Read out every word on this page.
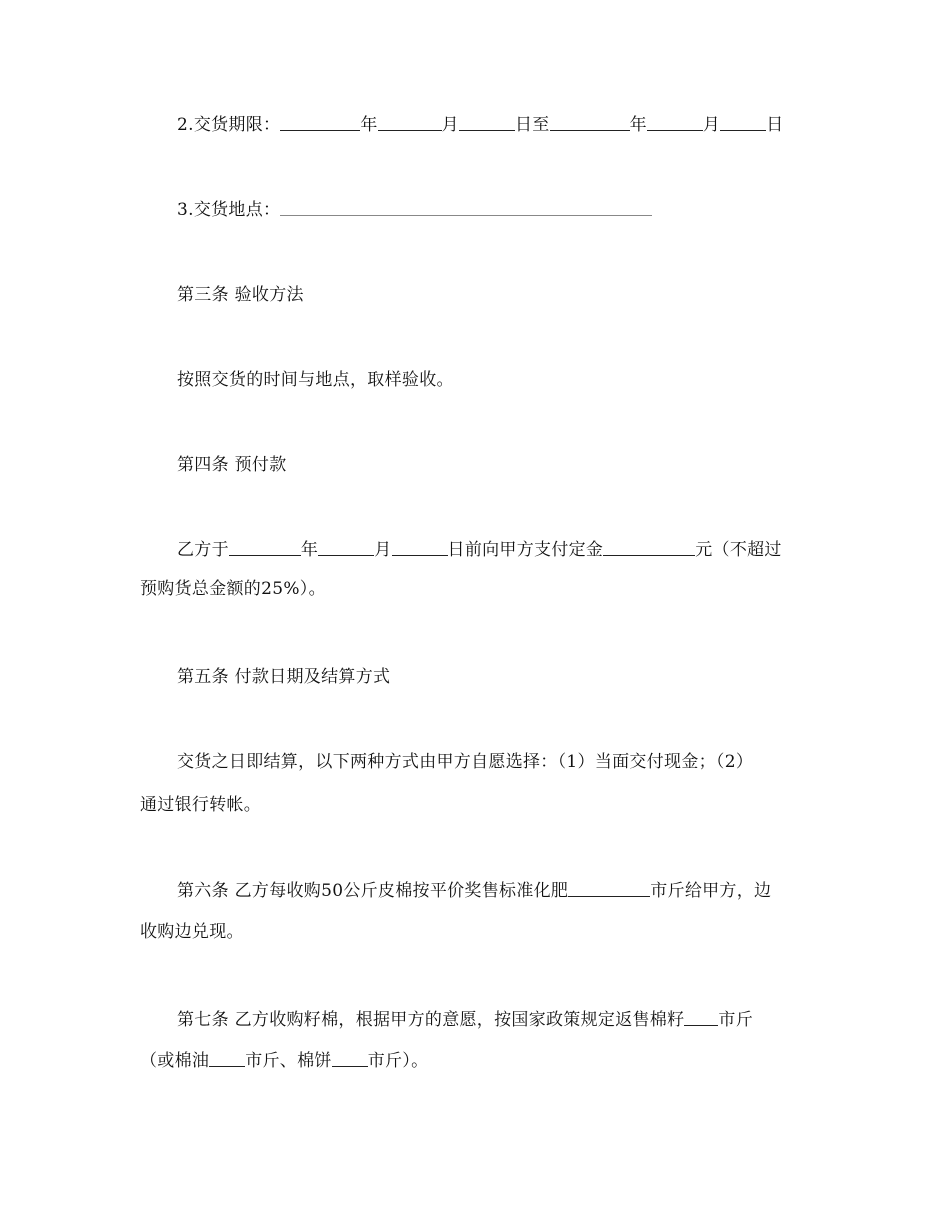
2.交货期限：	年	月	日至	年	月	日
3.交货地点：
第三条 验收方法
按照交货的时间与地点，取样验收。
第四条 预付款
乙方于	年	月	日前向甲方支付定金	元（不超过
预购货总金额的25%）。
第五条 付款日期及结算方式
交货之日即结算，以下两种方式由甲方自愿选择：（1）当面交付现金；（2）
通过银行转帐。
第六条 乙方每收购50公斤皮棉按平价奖售标准化肥	市斤给甲方，边
收购边兑现。
第七条 乙方收购籽棉，根据甲方的意愿，按国家政策规定返售棉籽 市斤
（或棉油 市斤、棉饼 市斤）。
